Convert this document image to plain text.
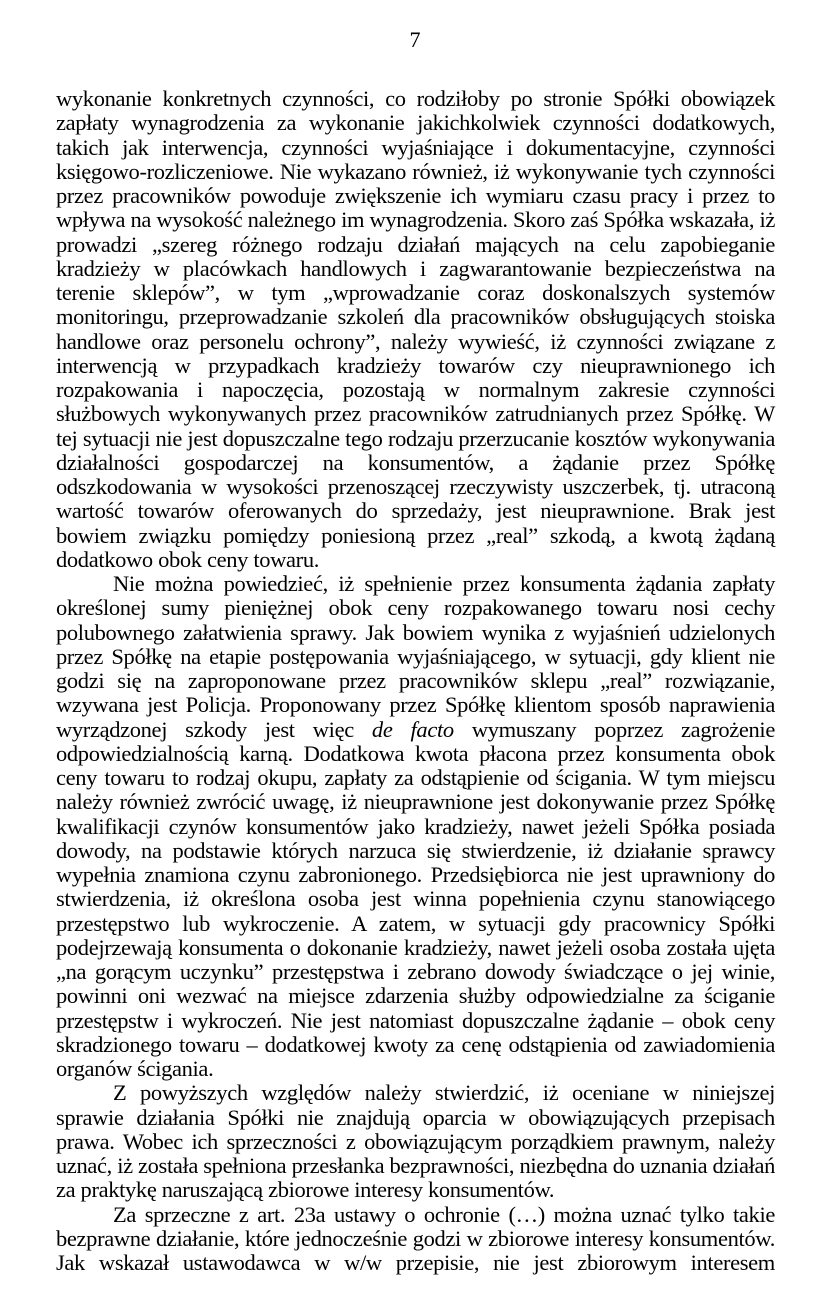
7
wykonanie konkretnych czynności, co rodziłoby po stronie Spółki obowiązek
zapłaty wynagrodzenia za wykonanie jakichkolwiek czynności dodatkowych,
takich jak interwencja, czynności wyjaśniające i dokumentacyjne, czynności
księgowo-rozliczeniowe. Nie wykazano również, iż wykonywanie tych czynności
przez pracowników powoduje zwiększenie ich wymiaru czasu pracy i przez to
wpływa na wysokość należnego im wynagrodzenia. Skoro zaś Spółka wskazała, iż
prowadzi „szereg różnego rodzaju działań mających na celu zapobieganie
kradzieży w placówkach handlowych i zagwarantowanie bezpieczeństwa na
terenie sklepów”, w tym „wprowadzanie coraz doskonalszych systemów
monitoringu, przeprowadzanie szkoleń dla pracowników obsługujących stoiska
handlowe oraz personelu ochrony”, należy wywieść, iż czynności związane z
interwencją w przypadkach kradzieży towarów czy nieuprawnionego ich
rozpakowania i napoczęcia, pozostają w normalnym zakresie czynności
służbowych wykonywanych przez pracowników zatrudnianych przez Spółkę. W
tej sytuacji nie jest dopuszczalne tego rodzaju przerzucanie kosztów wykonywania
działalności gospodarczej na konsumentów, a żądanie przez Spółkę
odszkodowania w wysokości przenoszącej rzeczywisty uszczerbek, tj. utraconą
wartość towarów oferowanych do sprzedaży, jest nieuprawnione. Brak jest
bowiem związku pomiędzy poniesioną przez „real” szkodą, a kwotą żądaną
dodatkowo obok ceny towaru.
Nie można powiedzieć, iż spełnienie przez konsumenta żądania zapłaty
określonej sumy pieniężnej obok ceny rozpakowanego towaru nosi cechy
polubownego załatwienia sprawy. Jak bowiem wynika z wyjaśnień udzielonych
przez Spółkę na etapie postępowania wyjaśniającego, w sytuacji, gdy klient nie
godzi się na zaproponowane przez pracowników sklepu „real” rozwiązanie,
wzywana jest Policja. Proponowany przez Spółkę klientom sposób naprawienia
wyrządzonej szkody jest więc de facto wymuszany poprzez zagrożenie
odpowiedzialnością karną. Dodatkowa kwota płacona przez konsumenta obok
ceny towaru to rodzaj okupu, zapłaty za odstąpienie od ścigania. W tym miejscu
należy również zwrócić uwagę, iż nieuprawnione jest dokonywanie przez Spółkę
kwalifikacji czynów konsumentów jako kradzieży, nawet jeżeli Spółka posiada
dowody, na podstawie których narzuca się stwierdzenie, iż działanie sprawcy
wypełnia znamiona czynu zabronionego. Przedsiębiorca nie jest uprawniony do
stwierdzenia, iż określona osoba jest winna popełnienia czynu stanowiącego
przestępstwo lub wykroczenie. A zatem, w sytuacji gdy pracownicy Spółki
podejrzewają konsumenta o dokonanie kradzieży, nawet jeżeli osoba została ujęta
„na gorącym uczynku” przestępstwa i zebrano dowody świadczące o jej winie,
powinni oni wezwać na miejsce zdarzenia służby odpowiedzialne za ściganie
przestępstw i wykroczeń. Nie jest natomiast dopuszczalne żądanie – obok ceny
skradzionego towaru – dodatkowej kwoty za cenę odstąpienia od zawiadomienia
organów ścigania.
Z powyższych względów należy stwierdzić, iż oceniane w niniejszej
sprawie działania Spółki nie znajdują oparcia w obowiązujących przepisach
prawa. Wobec ich sprzeczności z obowiązującym porządkiem prawnym, należy
uznać, iż została spełniona przesłanka bezprawności, niezbędna do uznania działań
za praktykę naruszającą zbiorowe interesy konsumentów.
Za sprzeczne z art. 23a ustawy o ochronie (…) można uznać tylko takie
bezprawne działanie, które jednocześnie godzi w zbiorowe interesy konsumentów.
Jak wskazał ustawodawca w w/w przepisie, nie jest zbiorowym interesem
